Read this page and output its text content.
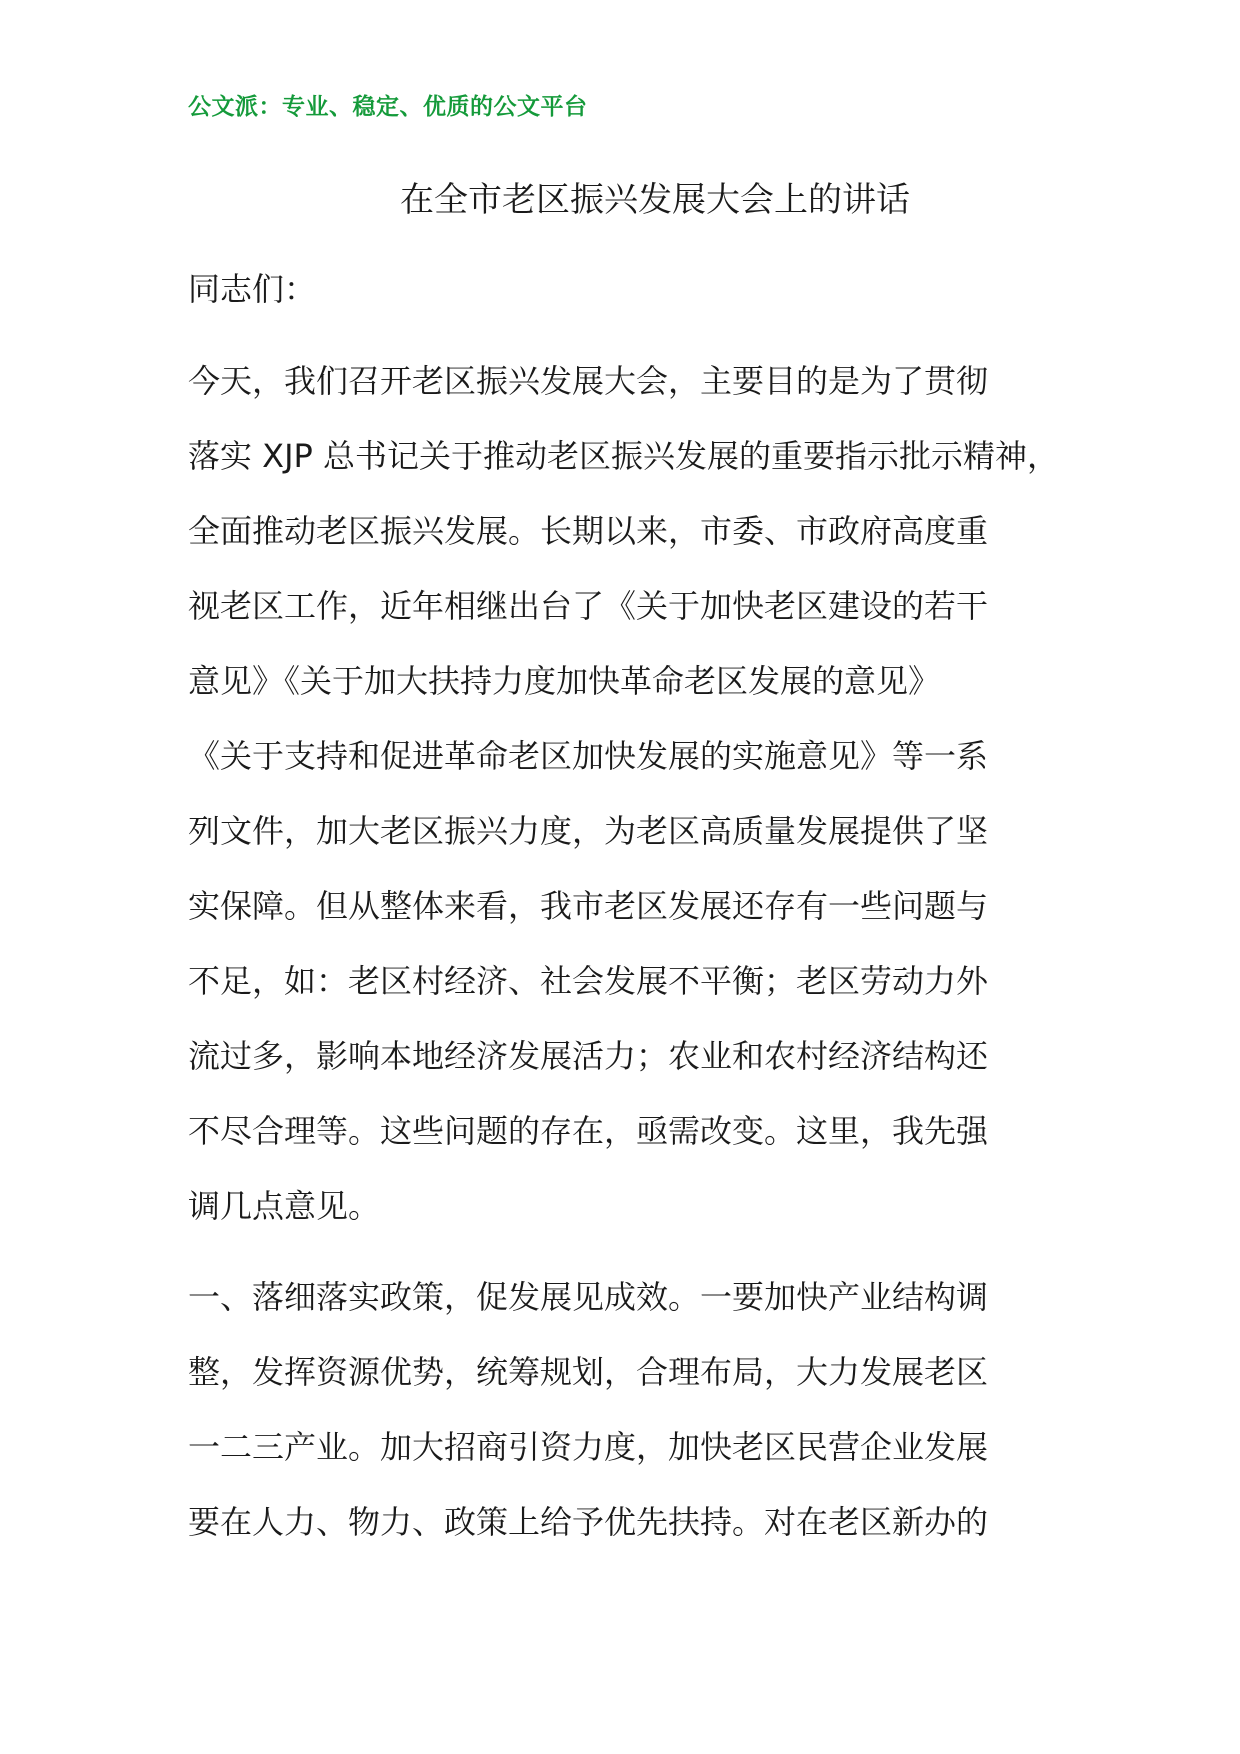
公文派：专业、稳定、优质的公文平台
在全市老区振兴发展大会上的讲话
同志们：
今天，我们召开老区振兴发展大会，主要目的是为了贯彻
落实 XJP 总书记关于推动老区振兴发展的重要指示批示精神，
全面推动老区振兴发展。长期以来，市委、市政府高度重
视老区工作，近年相继出台了《关于加快老区建设的若干
意见》《关于加大扶持力度加快革命老区发展的意见》
《关于支持和促进革命老区加快发展的实施意见》等一系
列文件，加大老区振兴力度，为老区高质量发展提供了坚
实保障。但从整体来看，我市老区发展还存有一些问题与
不足，如：老区村经济、社会发展不平衡；老区劳动力外
流过多，影响本地经济发展活力；农业和农村经济结构还
不尽合理等。这些问题的存在，亟需改变。这里，我先强
调几点意见。
一、落细落实政策，促发展见成效。一要加快产业结构调
整，发挥资源优势，统筹规划，合理布局，大力发展老区
一二三产业。加大招商引资力度，加快老区民营企业发展
要在人力、物力、政策上给予优先扶持。对在老区新办的
